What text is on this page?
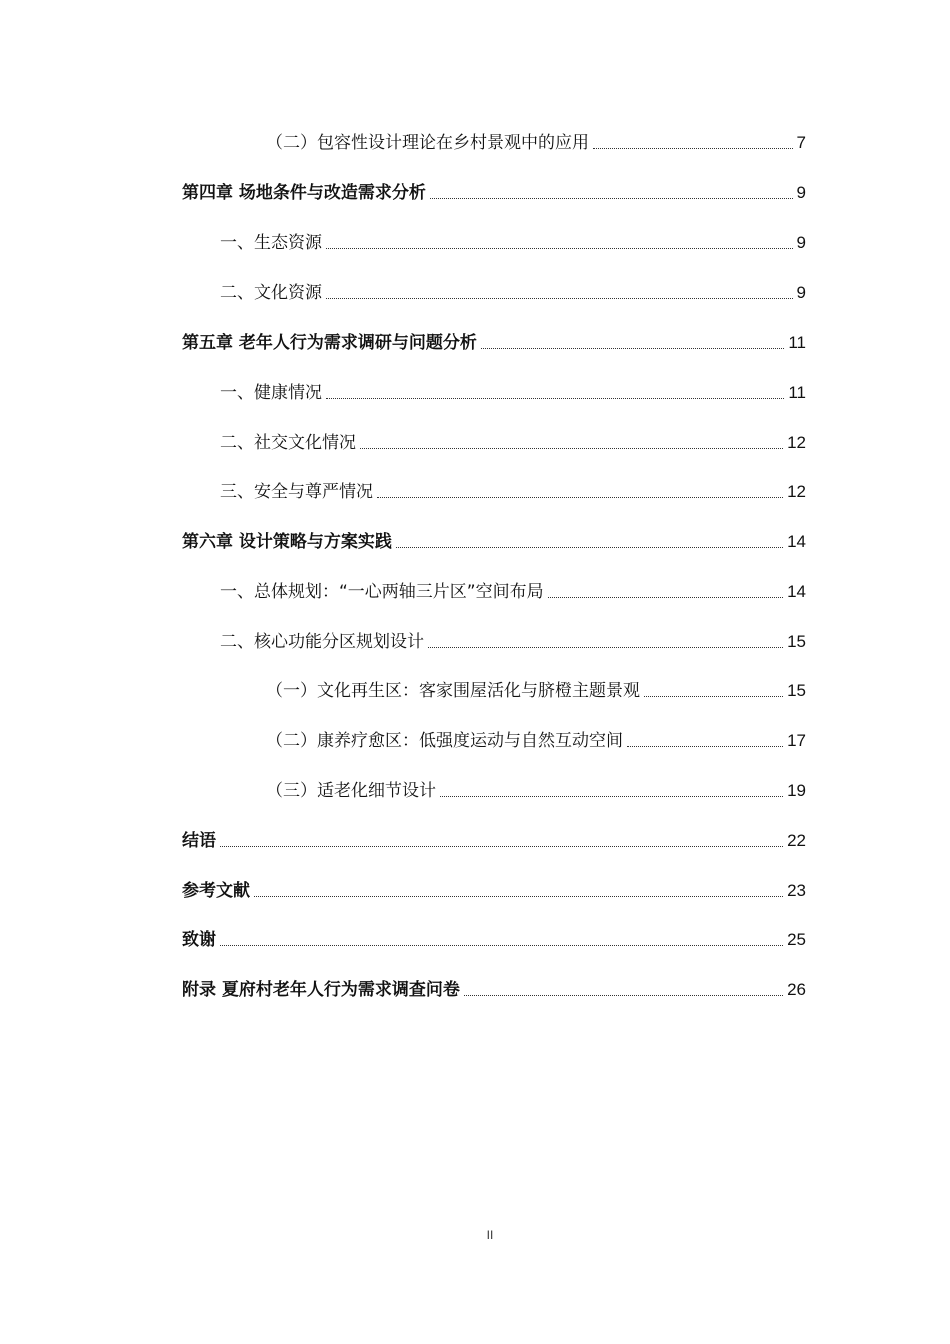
（二）包容性设计理论在乡村景观中的应用	7
第四章 场地条件与改造需求分析	9
一、生态资源	9
二、文化资源	9
第五章 老年人行为需求调研与问题分析	11
一、健康情况	11
二、社交文化情况	12
三、安全与尊严情况	12
第六章 设计策略与方案实践	14
一、总体规划：“一心两轴三片区”空间布局	14
二、核心功能分区规划设计	15
（一）文化再生区：客家围屋活化与脐橙主题景观	15
（二）康养疗愈区：低强度运动与自然互动空间	17
（三）适老化细节设计	19
结语	22
参考文献	23
致谢	25
附录 夏府村老年人行为需求调查问卷	26
II
